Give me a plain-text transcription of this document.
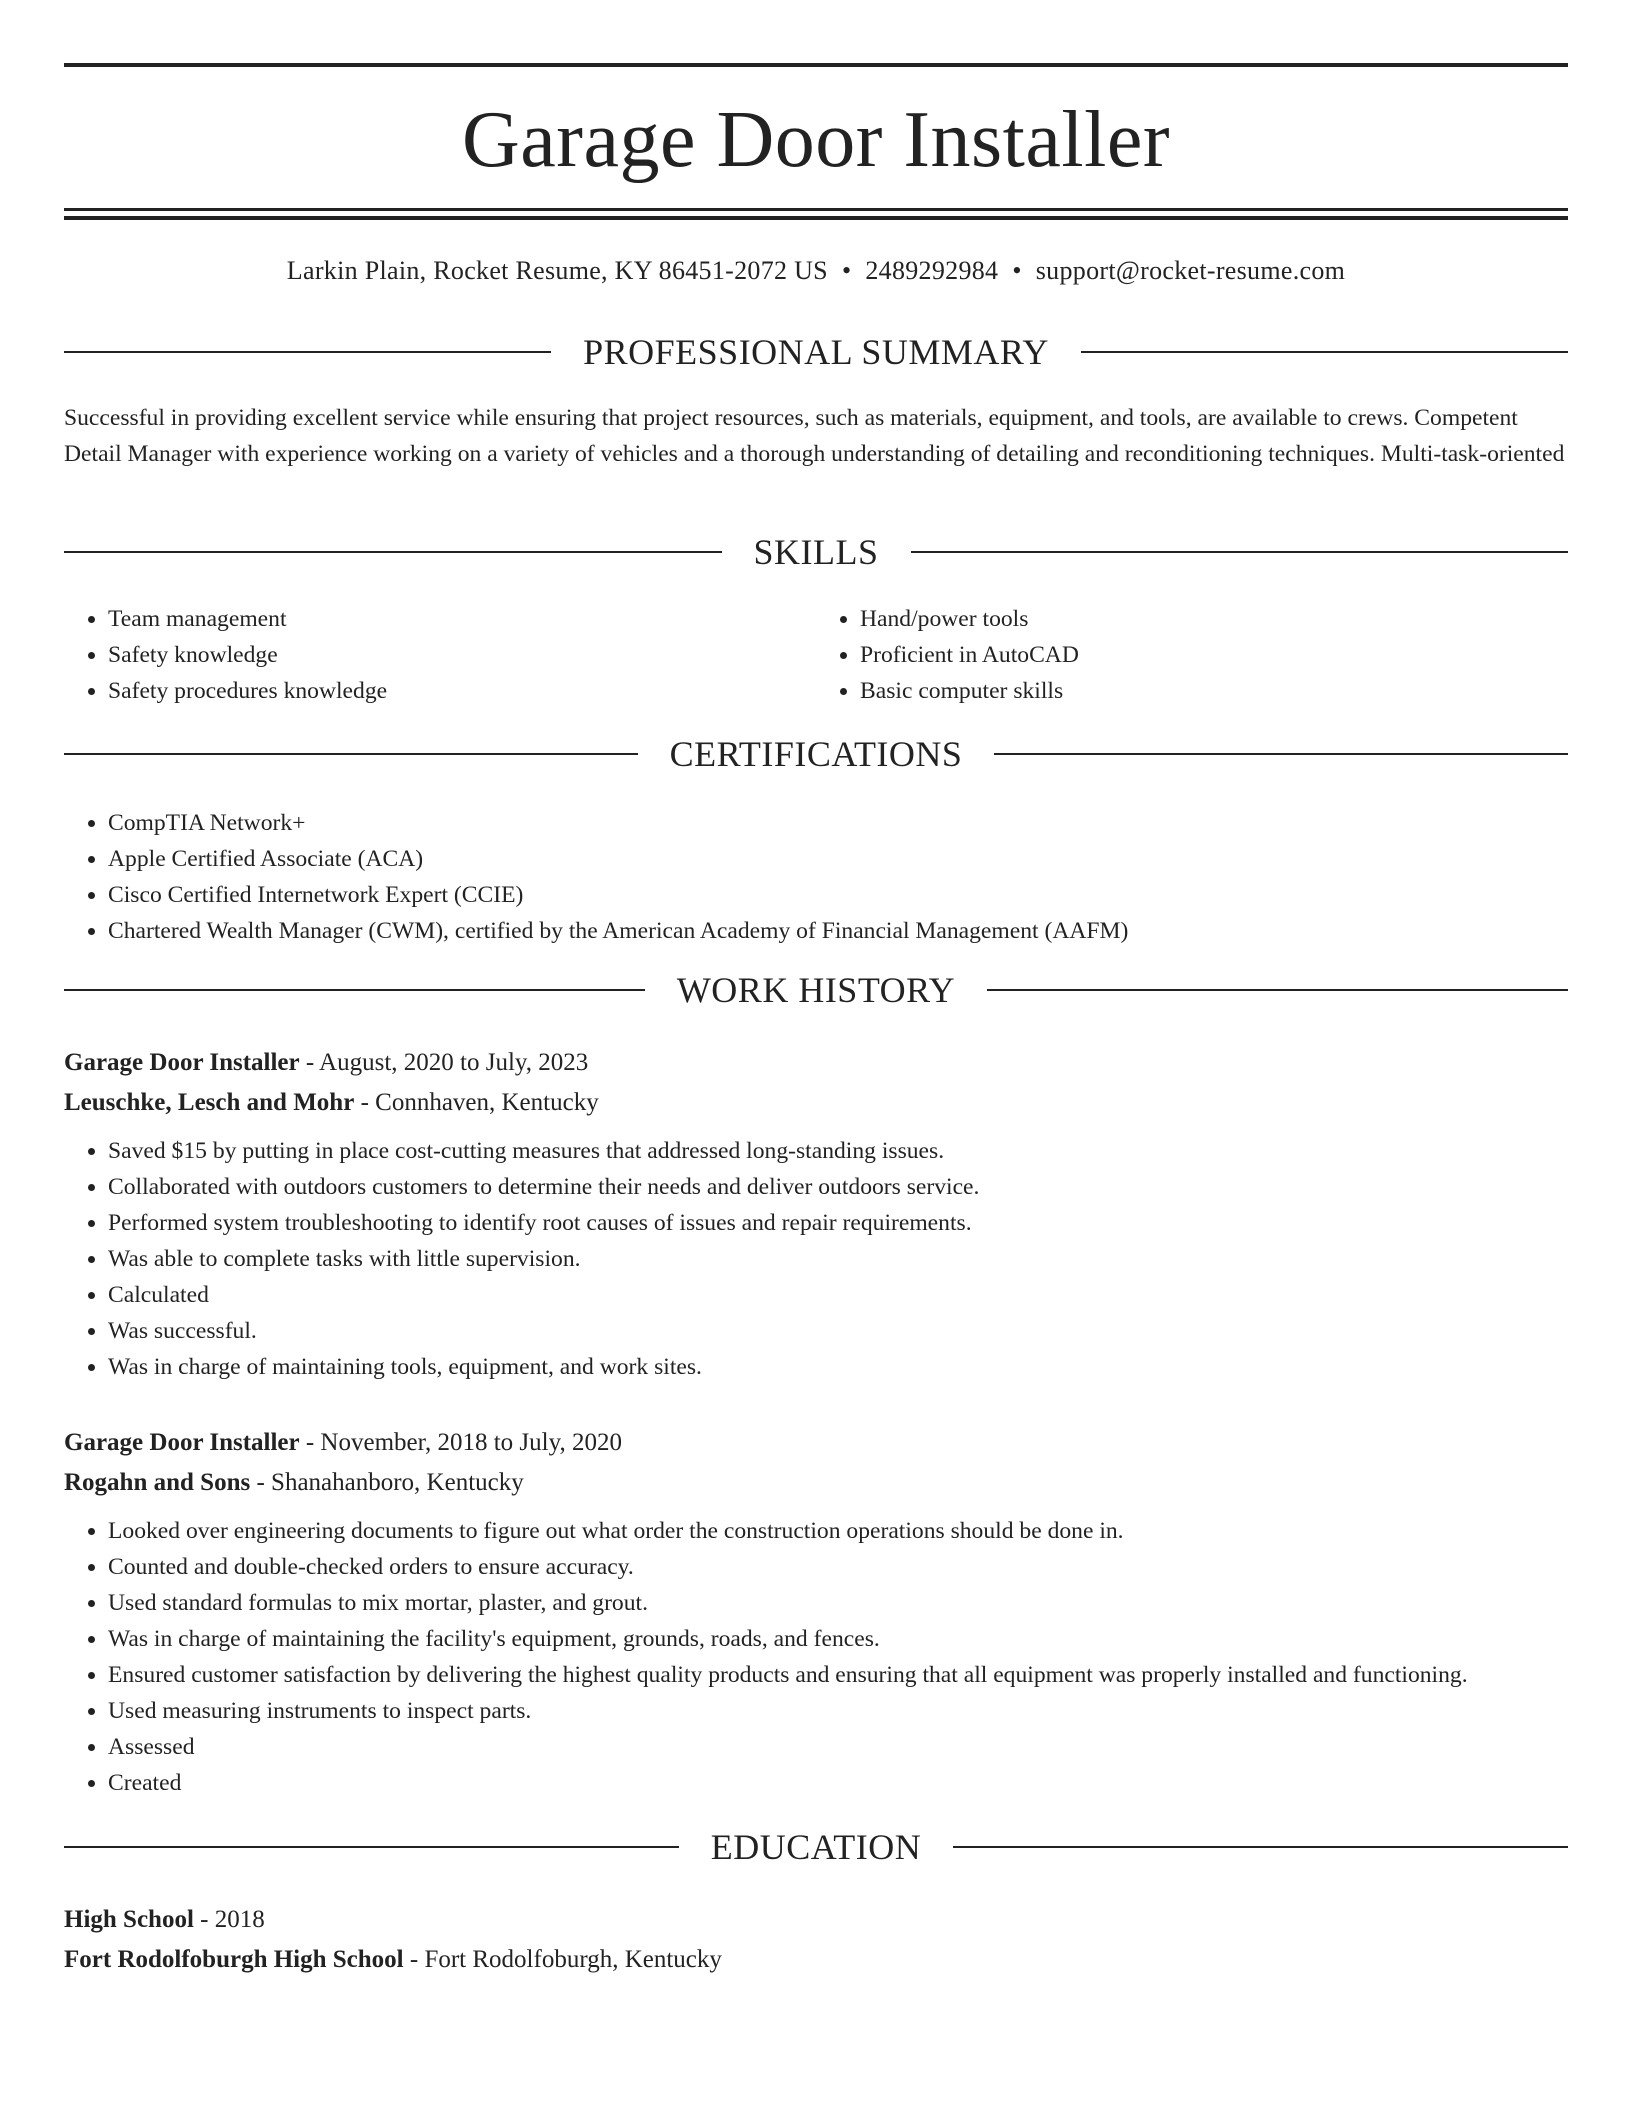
Garage Door Installer
Larkin Plain, Rocket Resume, KY 86451-2072 US • 2489292984 • support@rocket-resume.com
PROFESSIONAL SUMMARY
Successful in providing excellent service while ensuring that project resources, such as materials, equipment, and tools, are available to crews. Competent Detail Manager with experience working on a variety of vehicles and a thorough understanding of detailing and reconditioning techniques. Multi-task-oriented
SKILLS
• Team management
• Safety knowledge
• Safety procedures knowledge
• Hand/power tools
• Proficient in AutoCAD
• Basic computer skills
CERTIFICATIONS
• CompTIA Network+
• Apple Certified Associate (ACA)
• Cisco Certified Internetwork Expert (CCIE)
• Chartered Wealth Manager (CWM), certified by the American Academy of Financial Management (AAFM)
WORK HISTORY
Garage Door Installer - August, 2020 to July, 2023
Leuschke, Lesch and Mohr - Connhaven, Kentucky
• Saved $15 by putting in place cost-cutting measures that addressed long-standing issues.
• Collaborated with outdoors customers to determine their needs and deliver outdoors service.
• Performed system troubleshooting to identify root causes of issues and repair requirements.
• Was able to complete tasks with little supervision.
• Calculated
• Was successful.
• Was in charge of maintaining tools, equipment, and work sites.
Garage Door Installer - November, 2018 to July, 2020
Rogahn and Sons - Shanahanboro, Kentucky
• Looked over engineering documents to figure out what order the construction operations should be done in.
• Counted and double-checked orders to ensure accuracy.
• Used standard formulas to mix mortar, plaster, and grout.
• Was in charge of maintaining the facility's equipment, grounds, roads, and fences.
• Ensured customer satisfaction by delivering the highest quality products and ensuring that all equipment was properly installed and functioning.
• Used measuring instruments to inspect parts.
• Assessed
• Created
EDUCATION
High School - 2018
Fort Rodolfoburgh High School - Fort Rodolfoburgh, Kentucky
